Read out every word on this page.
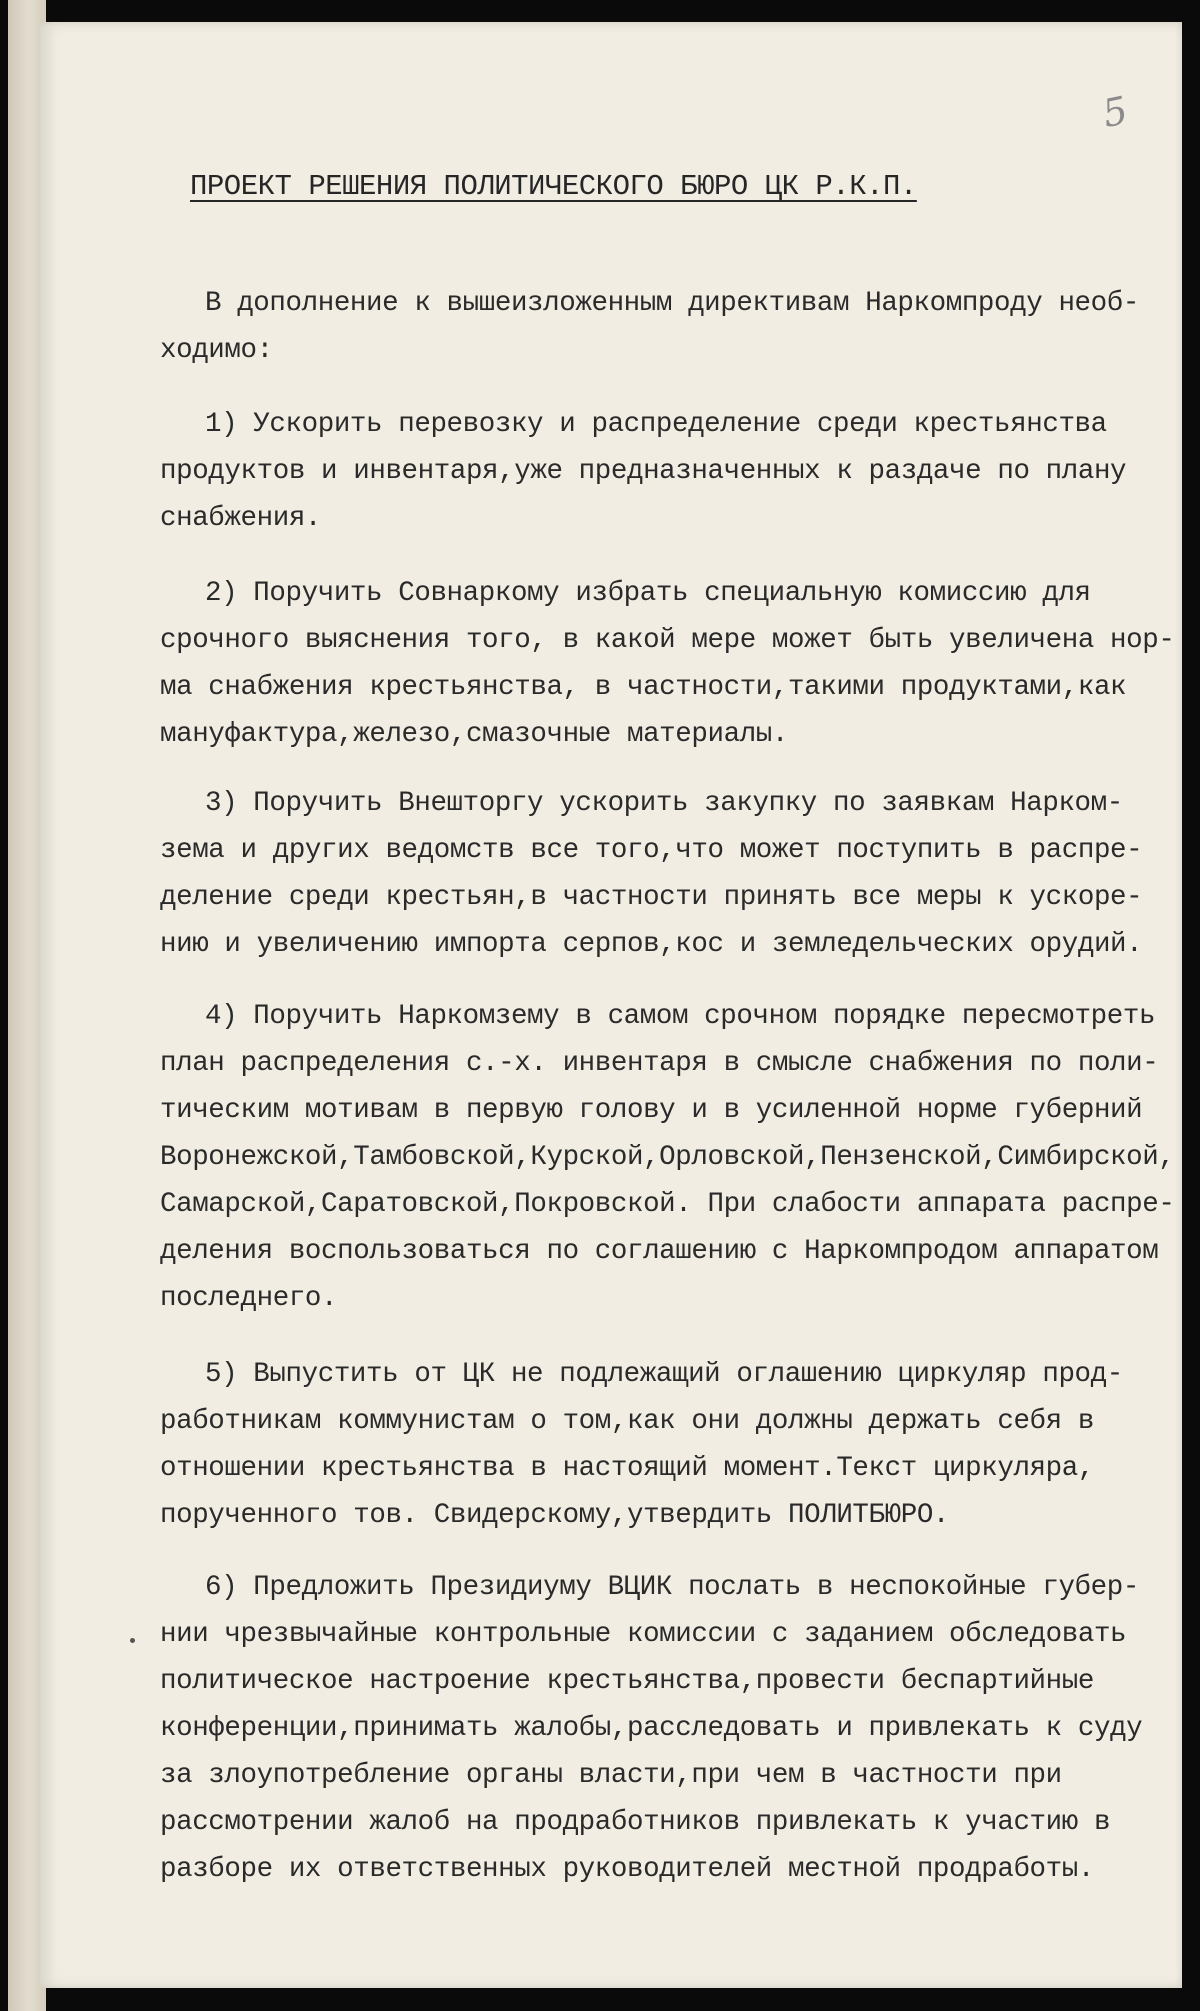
5

ПРОЕКТ РЕШЕНИЯ ПОЛИТИЧЕСКОГО БЮРО ЦК Р.К.П.
В дополнение к вышеизложенным директивам Наркомпроду необ-
ходимо:
1) Ускорить перевозку и распределение среди крестьянства
продуктов и инвентаря,уже предназначенных к раздаче по плану
снабжения.
2) Поручить Совнаркому избрать специальную комиссию для
срочного выяснения того, в какой мере может быть увеличена нор-
ма снабжения крестьянства, в частности,такими продуктами,как
мануфактура,железо,смазочные материалы.
3) Поручить Внешторгу ускорить закупку по заявкам Нарком-
зема и других ведомств все того,что может поступить в распре-
деление среди крестьян,в частности принять все меры к ускоре-
нию и увеличению импорта серпов,кос и земледельческих орудий.
4) Поручить Наркомзему в самом срочном порядке пересмотреть
план распределения с.-х. инвентаря в смысле снабжения по поли-
тическим мотивам в первую голову и в усиленной норме губерний
Воронежской,Тамбовской,Курской,Орловской,Пензенской,Симбирской,
Самарской,Саратовской,Покровской. При слабости аппарата распре-
деления воспользоваться по соглашению с Наркомпродом аппаратом
последнего.
5) Выпустить от ЦК не подлежащий оглашению циркуляр прод-
работникам коммунистам о том,как они должны держать себя в
отношении крестьянства в настоящий момент.Текст циркуляра,
порученного тов. Свидерскому,утвердить ПОЛИТБЮРО.
6) Предложить Президиуму ВЦИК послать в неспокойные губер-
нии чрезвычайные контрольные комиссии с заданием обследовать
политическое настроение крестьянства,провести беспартийные
конференции,принимать жалобы,расследовать и привлекать к суду
за злоупотребление органы власти,при чем в частности при
рассмотрении жалоб на продработников привлекать к участию в
разборе их ответственных руководителей местной продработы.
